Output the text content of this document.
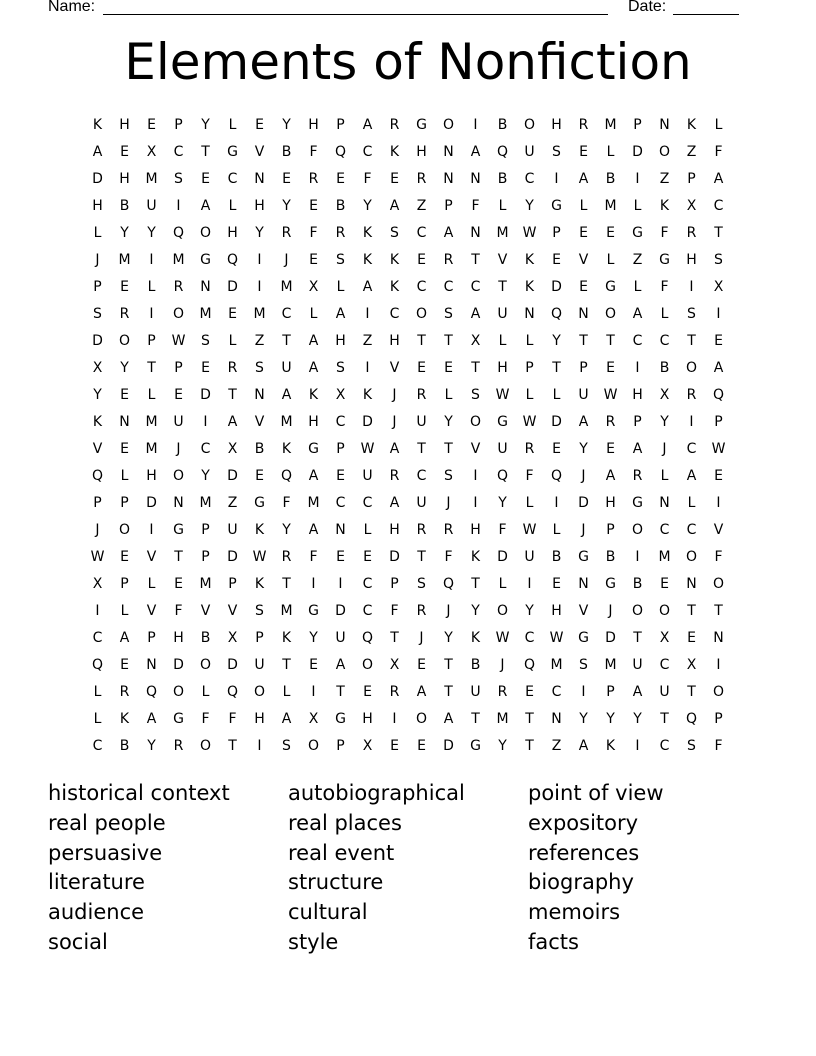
Name:	Date:
Elements of Nonfiction
K	H	E	P	Y	L	E	Y	H	P	A	R	G	O	I	B	O	H	R	M	P	N	K	L
A	E	X	C	T	G	V	B	F	Q	C	K	H	N	A	Q	U	S	E	L	D	O	Z	F
D	H	M	S	E	C	N	E	R	E	F	E	R	N	N	B	C	I	A	B	I	Z	P	A
H	B	U	I	A	L	H	Y	E	B	Y	A	Z	P	F	L	Y	G	L	M	L	K	X	C
L	Y	Y	Q	O	H	Y	R	F	R	K	S	C	A	N	M	W	P	E	E	G	F	R	T
J	M	I	M	G	Q	I	J	E	S	K	K	E	R	T	V	K	E	V	L	Z	G	H	S
P	E	L	R	N	D	I	M	X	L	A	K	C	C	C	T	K	D	E	G	L	F	I	X
S	R	I	O	M	E	M	C	L	A	I	C	O	S	A	U	N	Q	N	O	A	L	S	I
D	O	P	W	S	L	Z	T	A	H	Z	H	T	T	X	L	L	Y	T	T	C	C	T	E
X	Y	T	P	E	R	S	U	A	S	I	V	E	E	T	H	P	T	P	E	I	B	O	A
Y	E	L	E	D	T	N	A	K	X	K	J	R	L	S	W	L	L	U	W	H	X	R	Q
K	N	M	U	I	A	V	M	H	C	D	J	U	Y	O	G	W	D	A	R	P	Y	I	P
V	E	M	J	C	X	B	K	G	P	W	A	T	T	V	U	R	E	Y	E	A	J	C	W
Q	L	H	O	Y	D	E	Q	A	E	U	R	C	S	I	Q	F	Q	J	A	R	L	A	E
P	P	D	N	M	Z	G	F	M	C	C	A	U	J	I	Y	L	I	D	H	G	N	L	I
J	O	I	G	P	U	K	Y	A	N	L	H	R	R	H	F	W	L	J	P	O	C	C	V
W	E	V	T	P	D	W	R	F	E	E	D	T	F	K	D	U	B	G	B	I	M	O	F
X	P	L	E	M	P	K	T	I	I	C	P	S	Q	T	L	I	E	N	G	B	E	N	O
I	L	V	F	V	V	S	M	G	D	C	F	R	J	Y	O	Y	H	V	J	O	O	T	T
C	A	P	H	B	X	P	K	Y	U	Q	T	J	Y	K	W	C	W	G	D	T	X	E	N
Q	E	N	D	O	D	U	T	E	A	O	X	E	T	B	J	Q	M	S	M	U	C	X	I
L	R	Q	O	L	Q	O	L	I	T	E	R	A	T	U	R	E	C	I	P	A	U	T	O
L	K	A	G	F	F	H	A	X	G	H	I	O	A	T	M	T	N	Y	Y	Y	T	Q	P
C	B	Y	R	O	T	I	S	O	P	X	E	E	D	G	Y	T	Z	A	K	I	C	S	F
historical context	autobiographical	point of view
real people	real places	expository
persuasive	real event	references
literature	structure	biography
audience	cultural	memoirs
social	style	facts
